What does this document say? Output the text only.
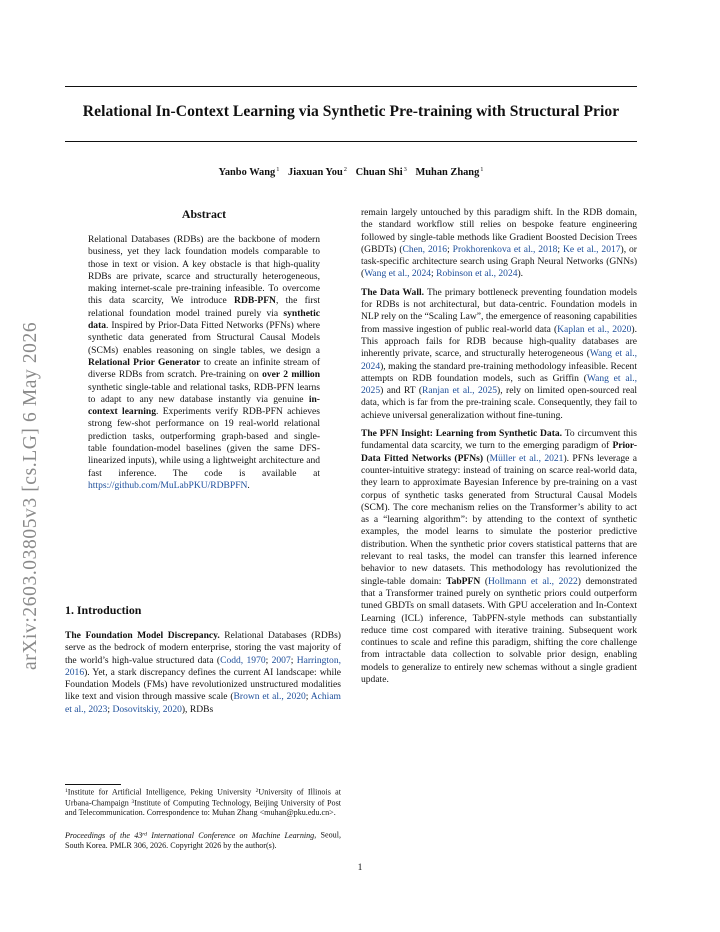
arXiv:2603.03805v3 [cs.LG] 6 May 2026
Relational In-Context Learning via Synthetic Pre-training with Structural Prior
Yanbo Wang$^1$ Jiaxuan You$^2$ Chuan Shi$^3$ Muhan Zhang$^1$
Abstract

Relational Databases (RDBs) are the backbone of modern business, yet they lack foundation models comparable to those in text or vision. A key obstacle is that high-quality RDBs are private, scarce and structurally heterogeneous, making internet-scale pre-training infeasible. To overcome this data scarcity, We introduce RDB-PFN, the first relational foundation model trained purely via synthetic data. Inspired by Prior-Data Fitted Networks (PFNs) where synthetic data generated from Structural Causal Models (SCMs) enables reasoning on single tables, we design a Relational Prior Generator to create an infinite stream of diverse RDBs from scratch. Pre-training on over 2 million synthetic single-table and relational tasks, RDB-PFN learns to adapt to any new database instantly via genuine in-context learning. Experiments verify RDB-PFN achieves strong few-shot performance on 19 real-world relational prediction tasks, outperforming graph-based and single-table foundation-model baselines (given the same DFS-linearized inputs), while using a lightweight architecture and fast inference. The code is available at https://github.com/MuLabPKU/RDBPFN.

1. Introduction

The Foundation Model Discrepancy. Relational Databases (RDBs) serve as the bedrock of modern enterprise, storing the vast majority of the world’s high-value structured data (Codd, 1970; 2007; Harrington, 2016). Yet, a stark discrepancy defines the current AI landscape: while Foundation Models (FMs) have revolutionized unstructured modalities like text and vision through massive scale (Brown et al., 2020; Achiam et al., 2023; Dosovitskiy, 2020), RDBs

$^1$Institute for Artificial Intelligence, Peking University $^2$University of Illinois at Urbana-Champaign $^3$Institute of Computing Technology, Beijing University of Post and Telecommunication. Correspondence to: Muhan Zhang <muhan@pku.edu.cn>.

Proceedings of the 43rd International Conference on Machine Learning, Seoul, South Korea. PMLR 306, 2026. Copyright 2026 by the author(s).

remain largely untouched by this paradigm shift. In the RDB domain, the standard workflow still relies on bespoke feature engineering followed by single-table methods like Gradient Boosted Decision Trees (GBDTs) (Chen, 2016; Prokhorenkova et al., 2018; Ke et al., 2017), or task-specific architecture search using Graph Neural Networks (GNNs) (Wang et al., 2024; Robinson et al., 2024).

The Data Wall. The primary bottleneck preventing foundation models for RDBs is not architectural, but data-centric. Foundation models in NLP rely on the “Scaling Law”, the emergence of reasoning capabilities from massive ingestion of public real-world data (Kaplan et al., 2020). This approach fails for RDB because high-quality databases are inherently private, scarce, and structurally heterogeneous (Wang et al., 2024), making the standard pre-training methodology infeasible. Recent attempts on RDB foundation models, such as Griffin (Wang et al., 2025) and RT (Ranjan et al., 2025), rely on limited open-sourced real data, which is far from the pre-training scale. Consequently, they fail to achieve universal generalization without fine-tuning.

The PFN Insight: Learning from Synthetic Data. To circumvent this fundamental data scarcity, we turn to the emerging paradigm of Prior-Data Fitted Networks (PFNs) (Müller et al., 2021). PFNs leverage a counter-intuitive strategy: instead of training on scarce real-world data, they learn to approximate Bayesian Inference by pre-training on a vast corpus of synthetic tasks generated from Structural Causal Models (SCM). The core mechanism relies on the Transformer’s ability to act as a “learning algorithm”: by attending to the context of synthetic examples, the model learns to simulate the posterior predictive distribution. When the synthetic prior covers statistical patterns that are relevant to real tasks, the model can transfer this learned inference behavior to new datasets. This methodology has revolutionized the single-table domain: TabPFN (Hollmann et al., 2022) demonstrated that a Transformer trained purely on synthetic priors could outperform tuned GBDTs on small datasets. With GPU acceleration and In-Context Learning (ICL) inference, TabPFN-style methods can substantially reduce time cost compared with iterative training. Subsequent work continues to scale and refine this paradigm, shifting the core challenge from intractable data collection to solvable prior design, enabling models to generalize to entirely new schemas without a single gradient update.

1
